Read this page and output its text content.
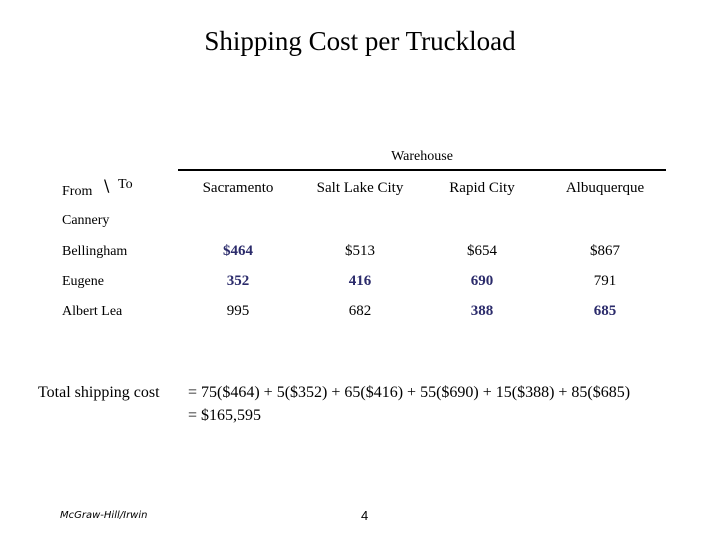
Shipping Cost per Truckload
Warehouse
To
\
From
Cannery
Sacramento	Salt Lake City	Rapid City	Albuquerque
Bellingham	$464	$513	$654	$867
Eugene	352	416	690	791
Albert Lea	995	682	388	685
Total shipping cost = 75($464) + 5($352) + 65($416) + 55($690) + 15($388) + 85($685)
= $165,595
McGraw-Hill/Irwin	4
